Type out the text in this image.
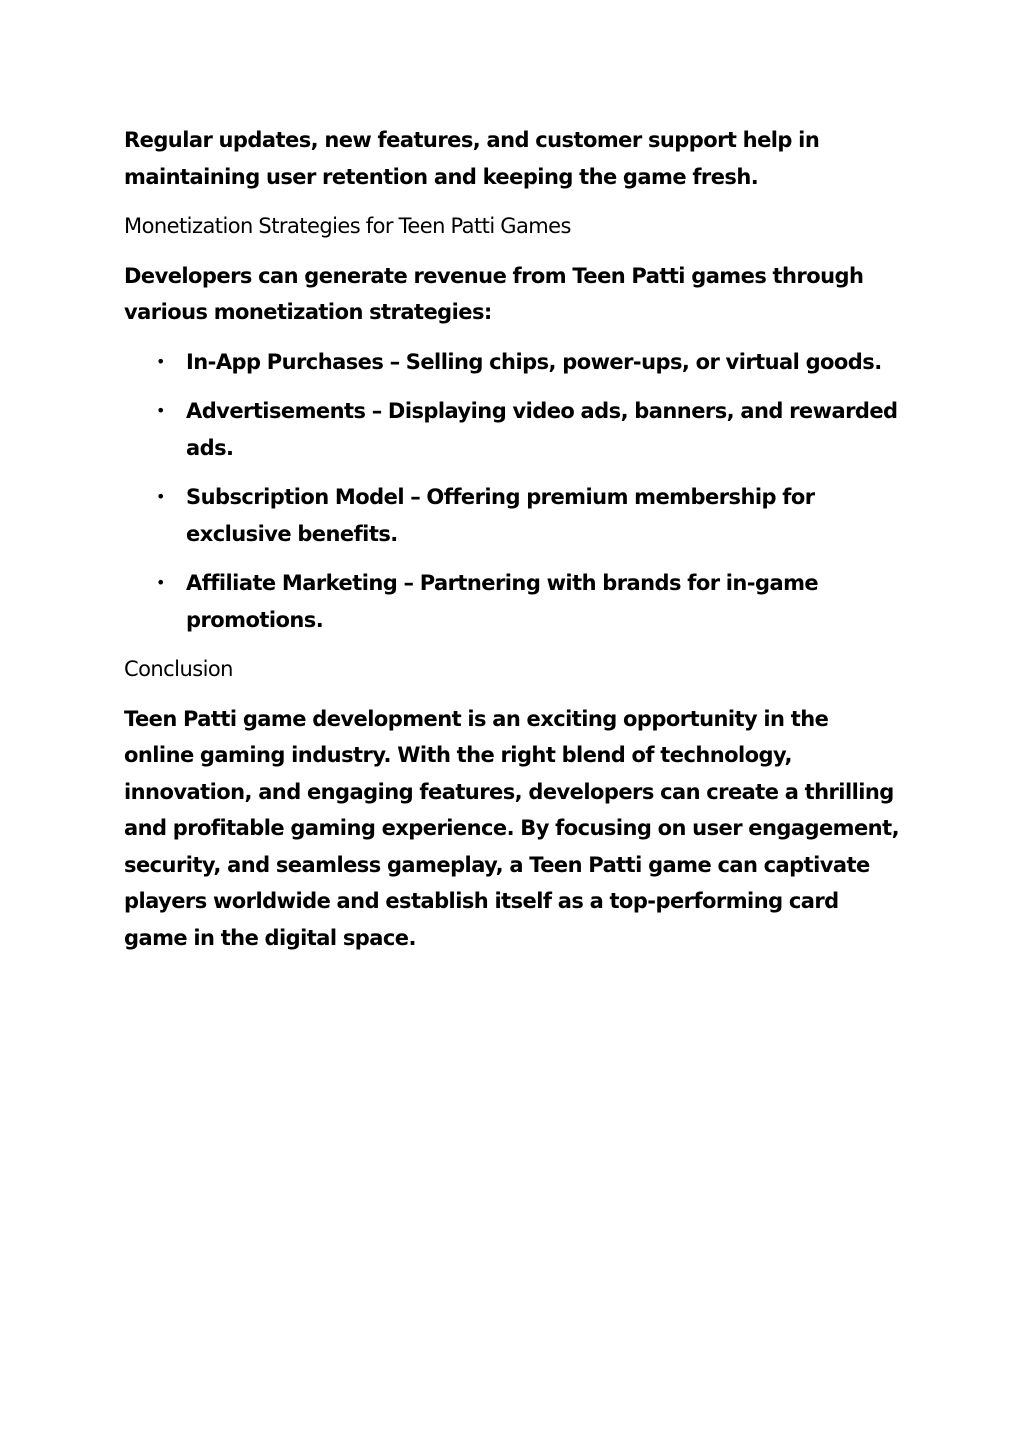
Regular updates, new features, and customer support help in maintaining user retention and keeping the game fresh.

Monetization Strategies for Teen Patti Games

Developers can generate revenue from Teen Patti games through various monetization strategies:

• In-App Purchases – Selling chips, power-ups, or virtual goods.
• Advertisements – Displaying video ads, banners, and rewarded ads.
• Subscription Model – Offering premium membership for exclusive benefits.
• Affiliate Marketing – Partnering with brands for in-game promotions.

Conclusion

Teen Patti game development is an exciting opportunity in the online gaming industry. With the right blend of technology, innovation, and engaging features, developers can create a thrilling and profitable gaming experience. By focusing on user engagement, security, and seamless gameplay, a Teen Patti game can captivate players worldwide and establish itself as a top-performing card game in the digital space.
